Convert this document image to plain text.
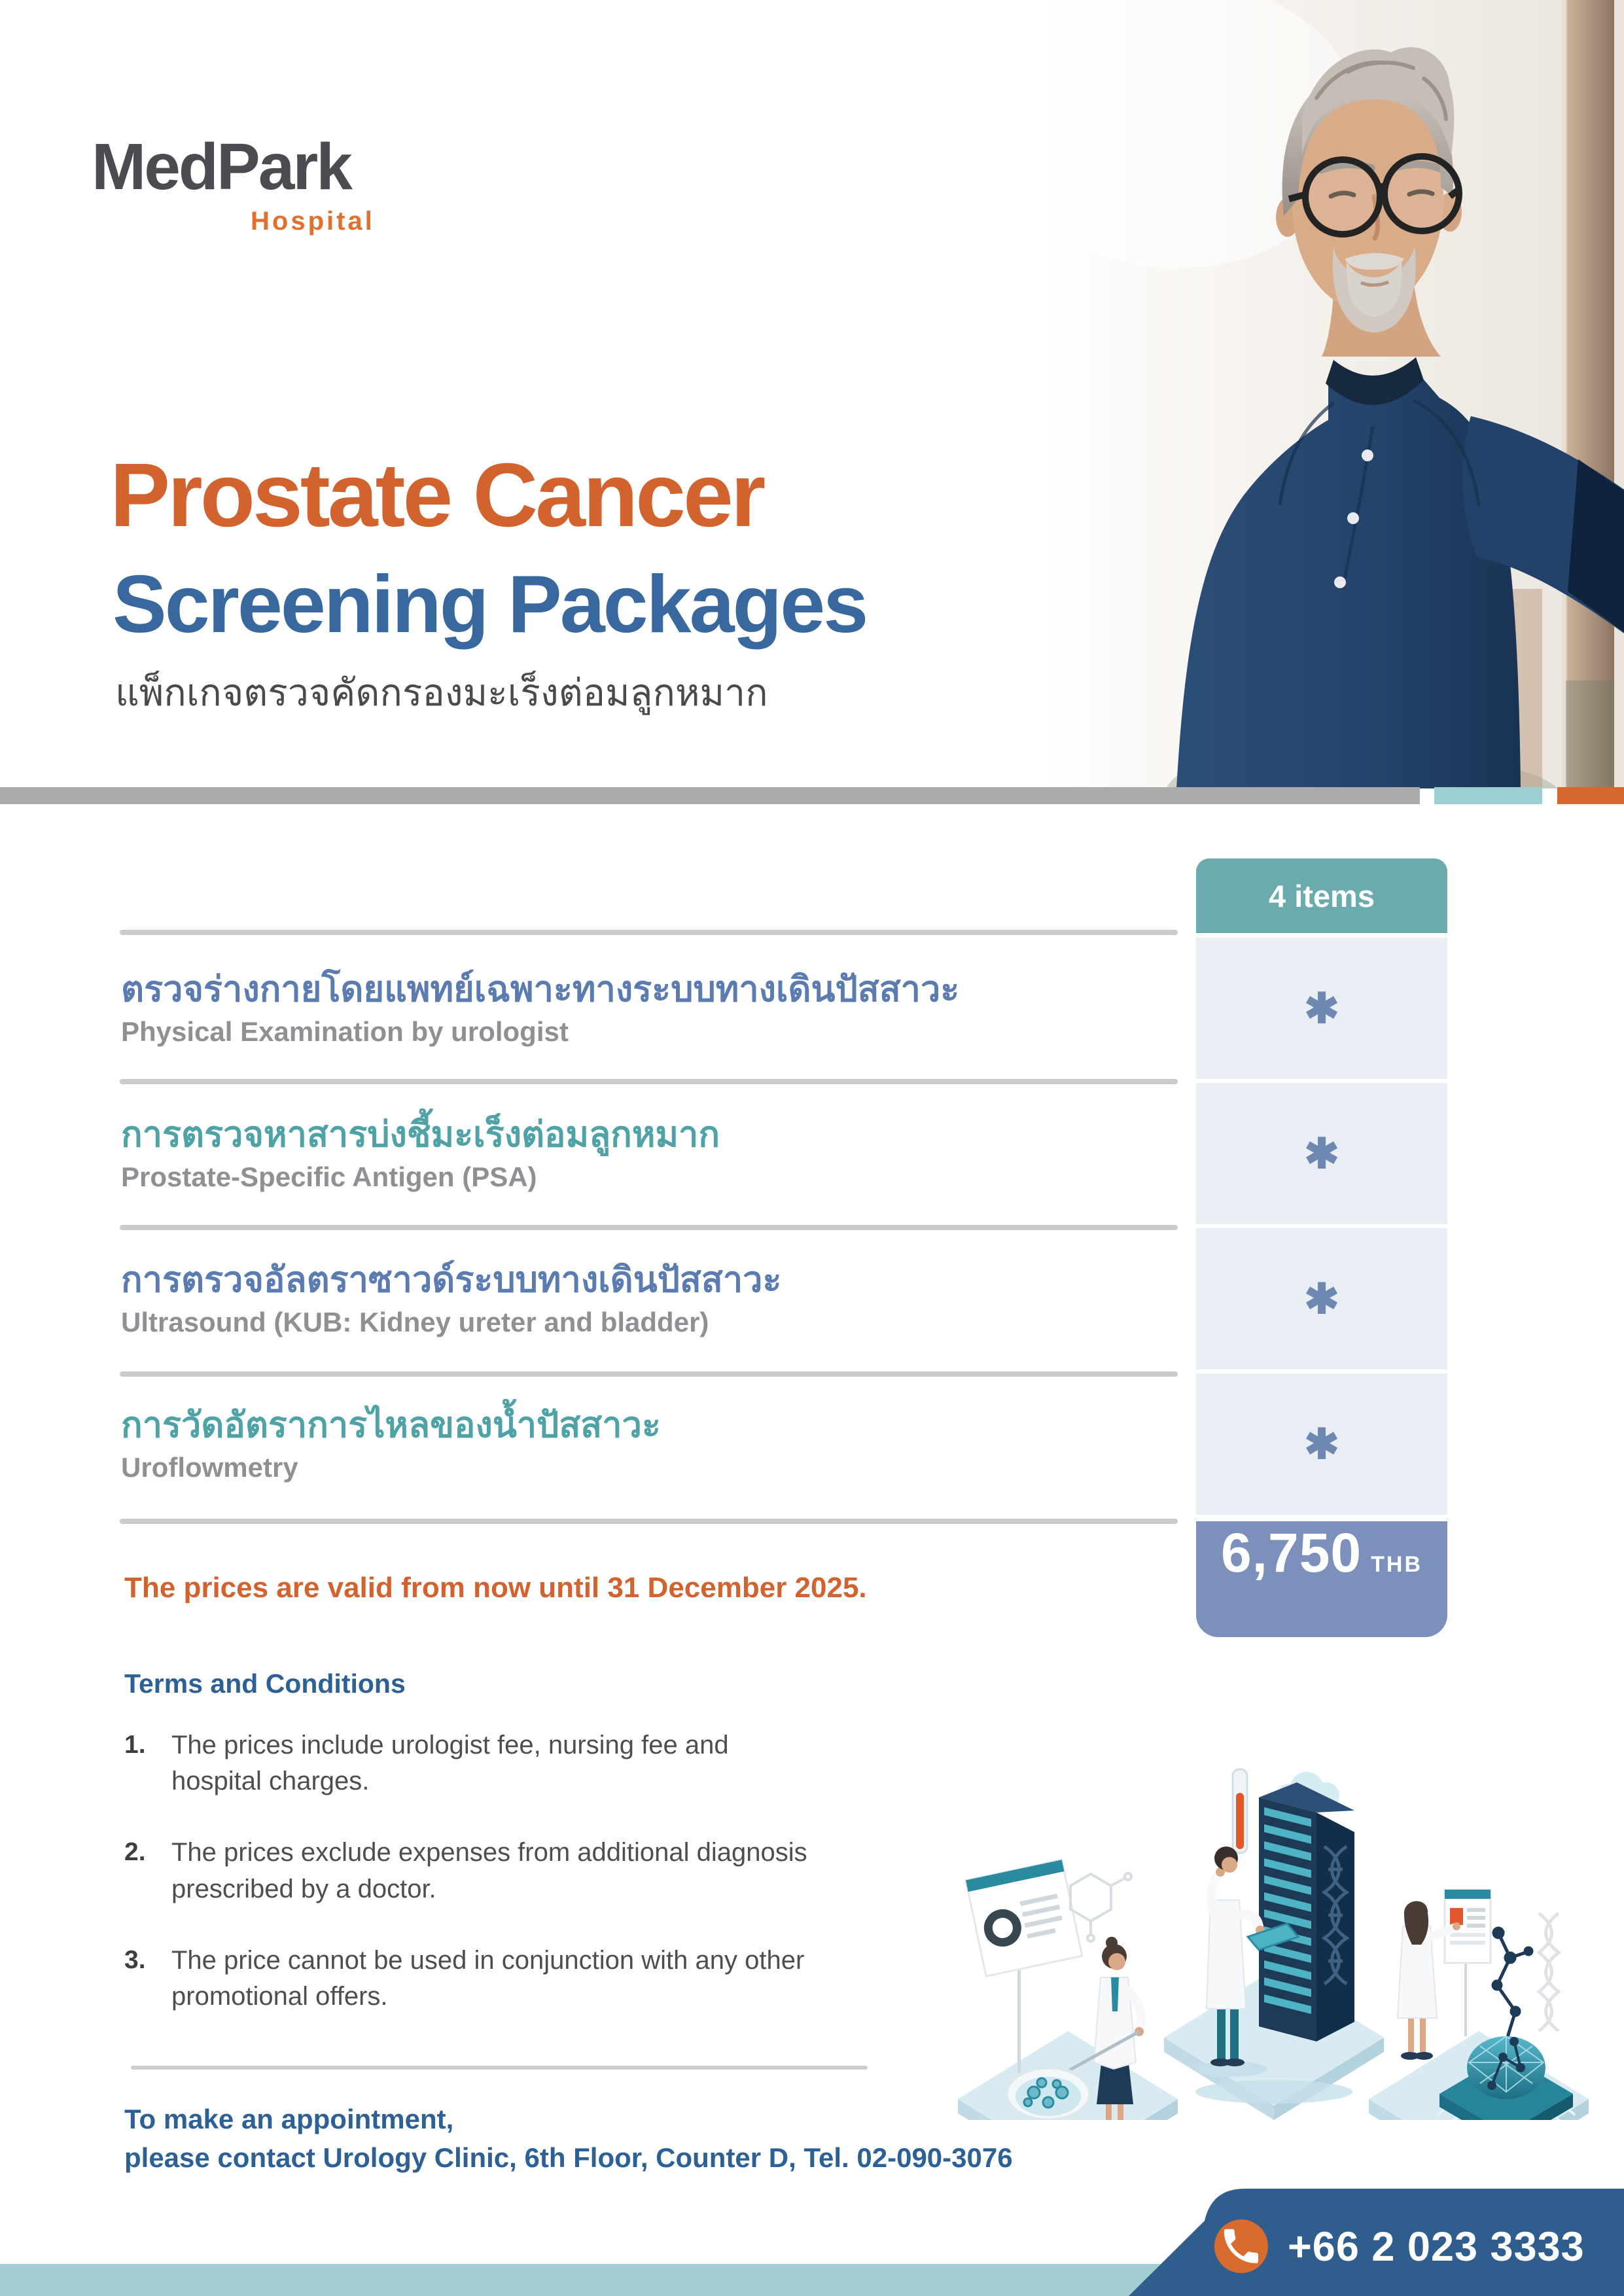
MedPark
Hospital
Prostate Cancer
Screening Packages
แพ็กเกจตรวจคัดกรองมะเร็งต่อมลูกหมาก
ตรวจร่างกายโดยแพทย์เฉพาะทางระบบทางเดินปัสสาวะ
Physical Examination by urologist
การตรวจหาสารบ่งชี้มะเร็งต่อมลูกหมาก
Prostate-Specific Antigen (PSA)
การตรวจอัลตราซาวด์ระบบทางเดินปัสสาวะ
Ultrasound (KUB: Kidney ureter and bladder)
การวัดอัตราการไหลของน้ำปัสสาวะ
Uroflowmetry
4 items
✱
✱
✱
✱
6,750 THB
The prices are valid from now until 31 December 2025.
Terms and Conditions
1. The prices include urologist fee, nursing fee and hospital charges.
2. The prices exclude expenses from additional diagnosis prescribed by a doctor.
3. The price cannot be used in conjunction with any other promotional offers.
To make an appointment,
please contact Urology Clinic, 6th Floor, Counter D, Tel. 02-090-3076
+66 2 023 3333
